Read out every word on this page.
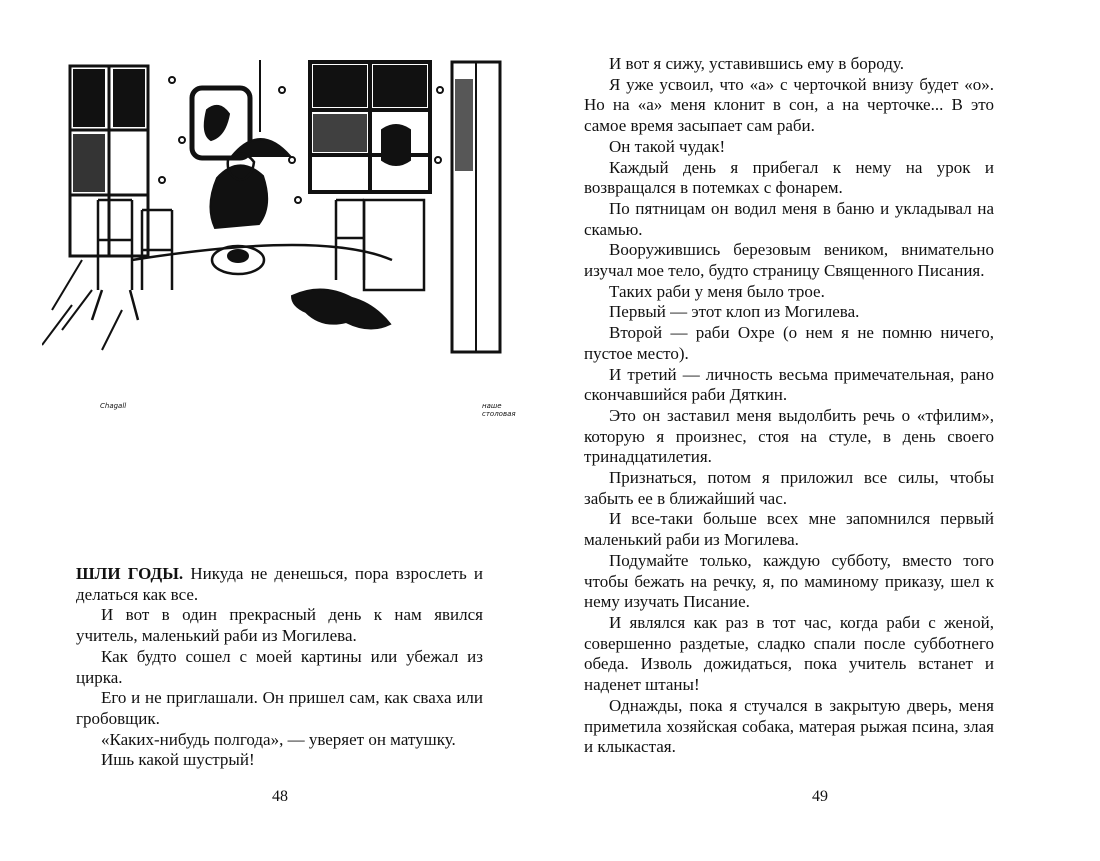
Chagall	наше столовая

ШЛИ ГОДЫ. Никуда не денешься, пора взрослеть и делаться как все.

И вот в один прекрасный день к нам явился учитель, маленький раби из Могилева.

Как будто сошел с моей картины или убежал из цирка.

Его и не приглашали. Он пришел сам, как сваха или гробовщик.

«Каких-нибудь полгода», — уверяет он матушку.

Ишь какой шустрый!

48

И вот я сижу, уставившись ему в бороду.

Я уже усвоил, что «а» с черточкой внизу будет «о». Но на «а» меня клонит в сон, а на черточке... В это самое время засыпает сам раби.

Он такой чудак!

Каждый день я прибегал к нему на урок и возвращался в потемках с фонарем.

По пятницам он водил меня в баню и укладывал на скамью.

Вооружившись березовым веником, внимательно изучал мое тело, будто страницу Священного Писания.

Таких раби у меня было трое.

Первый — этот клоп из Могилева.

Второй — раби Охре (о нем я не помню ничего, пустое место).

И третий — личность весьма примечательная, рано скончавшийся раби Дяткин.

Это он заставил меня выдолбить речь о «тфилим», которую я произнес, стоя на стуле, в день своего тринадцатилетия.

Признаться, потом я приложил все силы, чтобы забыть ее в ближайший час.

И все-таки больше всех мне запомнился первый маленький раби из Могилева.

Подумайте только, каждую субботу, вместо того чтобы бежать на речку, я, по маминому приказу, шел к нему изучать Писание.

И являлся как раз в тот час, когда раби с женой, совершенно раздетые, сладко спали после субботнего обеда. Изволь дожидаться, пока учитель встанет и наденет штаны!

Однажды, пока я стучался в закрытую дверь, меня приметила хозяйская собака, матерая рыжая псина, злая и клыкастая.

49
